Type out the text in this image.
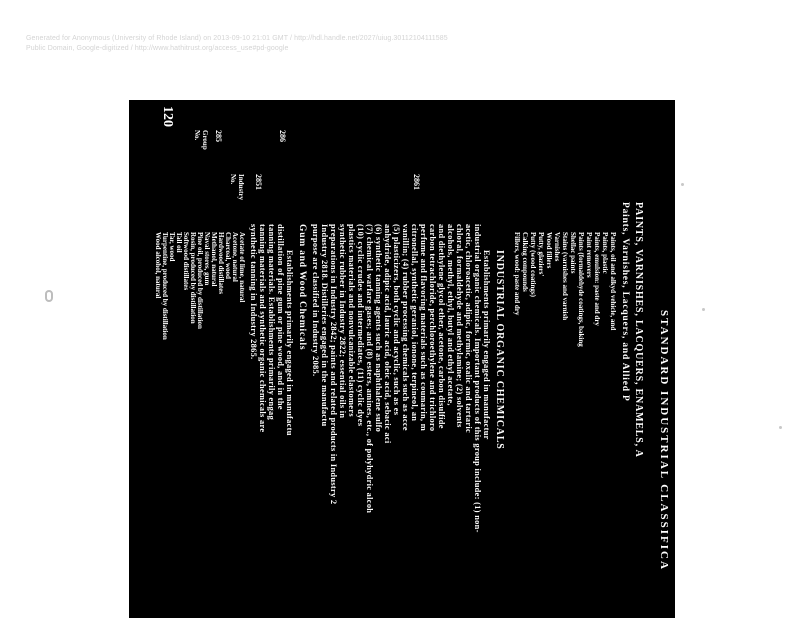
Generated for Anonymous (University of Rhode Island) on 2013-09-10 21:01 GMT / http://hdl.handle.net/2027/uiug.30112104111585
Public Domain, Google-digitized / http://www.hathitrust.org/access_use#pd-google
120
STANDARD INDUSTRIAL CLASSIFICA
Group
No.
Industry
No.
285
2851
286
2861
PAINTS, VARNISHES, LACQUERS, ENAMELS, A
Paints, Varnishes, Lacquers, and Allied P
Paints, oil and alkyd vehicle, and
Paints, plastic
Paints, emulsion: paste and dry
Paint removers
Paints (formaldehyde coatings, baking
Shellac paints
Stains (varnishes and varnish
Varnishes
Wood fillers
Putty, glaziers'
Putty (wood coatings)
Calking compounds
Fillers, wood: paste and dry
INDUSTRIAL ORGANIC CHEMICALS
Establishments primarily engaged in manufactur
industrial organic chemicals. Important products of this group include: (1) non-
acetic, chloroacetic, adipic, formic, oxalic and tartaric
chloral, formaldehyde and methylamine; (2) solvents
alcohols, methyl, ethyl, butyl and ethyl acetate,
and diethylene glycol ether, acetone, carbon disulfide
carbon tetrachloride, perchloroethylene and trichloro
perfume and flavoring materials such as coumarin, m
citronellal, synthetic geraniol, ionone, terpineol, an
vanillin; (4) rubber processing chemicals such as acce
(5) plasticizers, both cyclic and acyclic, such as es
anhydride, adipic acid, lauric acid, oleic acid, sebacic aci
(6) synthetic tanning agents such as naphthalene sulfo
(7) chemical warfare gases; and (8) esters, amines, etc., of polyhydric alcoh
(10) cyclic crudes and intermediates, (11) cyclic dyes
plastics materials and nonvulcanizable elastomers
synthetic rubber in Industry 2822; essential oils in
preparations in Industry 2842; paints and related products in Industry 2
Industry 2818. Distilleries engaged in the manufactu
purpose are classified in Industry 2085.
Gum and Wood Chemicals
Establishments primarily engaged in manufactu
distillation of pine gum or pine wood, and in the
tanning materials. Establishments primarily engag
tanning materials and synthetic organic chemicals are
synthetic tanning in Industry 2865.
Acetate of lime, natural
Acetone, natural
Charcoal, wood
Hardwood distillates
Methanol, natural
Naval stores, gum
Pine oil, produced by distillation
Rosin, produced by distillation
Softwood distillates
Tall oil
Tar, wood
Turpentine, produced by distillation
Wood alcohol, natural
